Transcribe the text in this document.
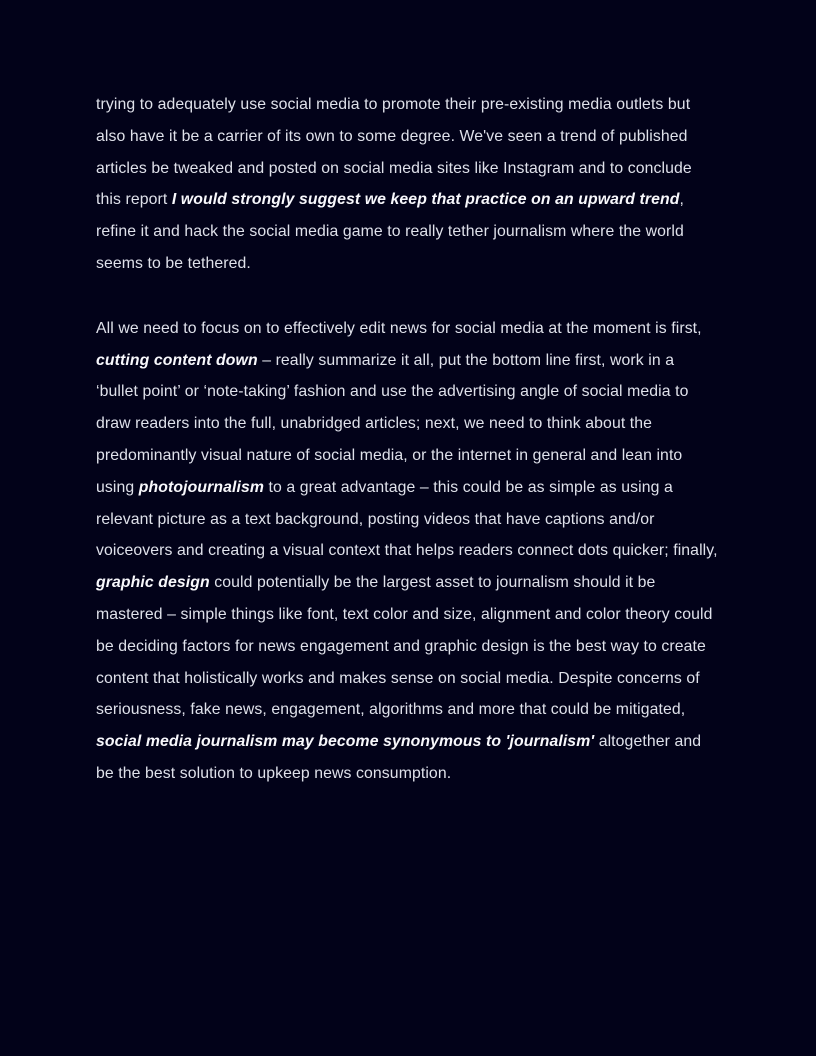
trying to adequately use social media to promote their pre-existing media outlets but also have it be a carrier of its own to some degree. We've seen a trend of published articles be tweaked and posted on social media sites like Instagram and to conclude this report I would strongly suggest we keep that practice on an upward trend, refine it and hack the social media game to really tether journalism where the world seems to be tethered.

All we need to focus on to effectively edit news for social media at the moment is first, cutting content down – really summarize it all, put the bottom line first, work in a ‘bullet point’ or ‘note-taking’ fashion and use the advertising angle of social media to draw readers into the full, unabridged articles; next, we need to think about the predominantly visual nature of social media, or the internet in general and lean into using photojournalism to a great advantage – this could be as simple as using a relevant picture as a text background, posting videos that have captions and/or voiceovers and creating a visual context that helps readers connect dots quicker; finally, graphic design could potentially be the largest asset to journalism should it be mastered – simple things like font, text color and size, alignment and color theory could be deciding factors for news engagement and graphic design is the best way to create content that holistically works and makes sense on social media. Despite concerns of seriousness, fake news, engagement, algorithms and more that could be mitigated, social media journalism may become synonymous to 'journalism' altogether and be the best solution to upkeep news consumption.
